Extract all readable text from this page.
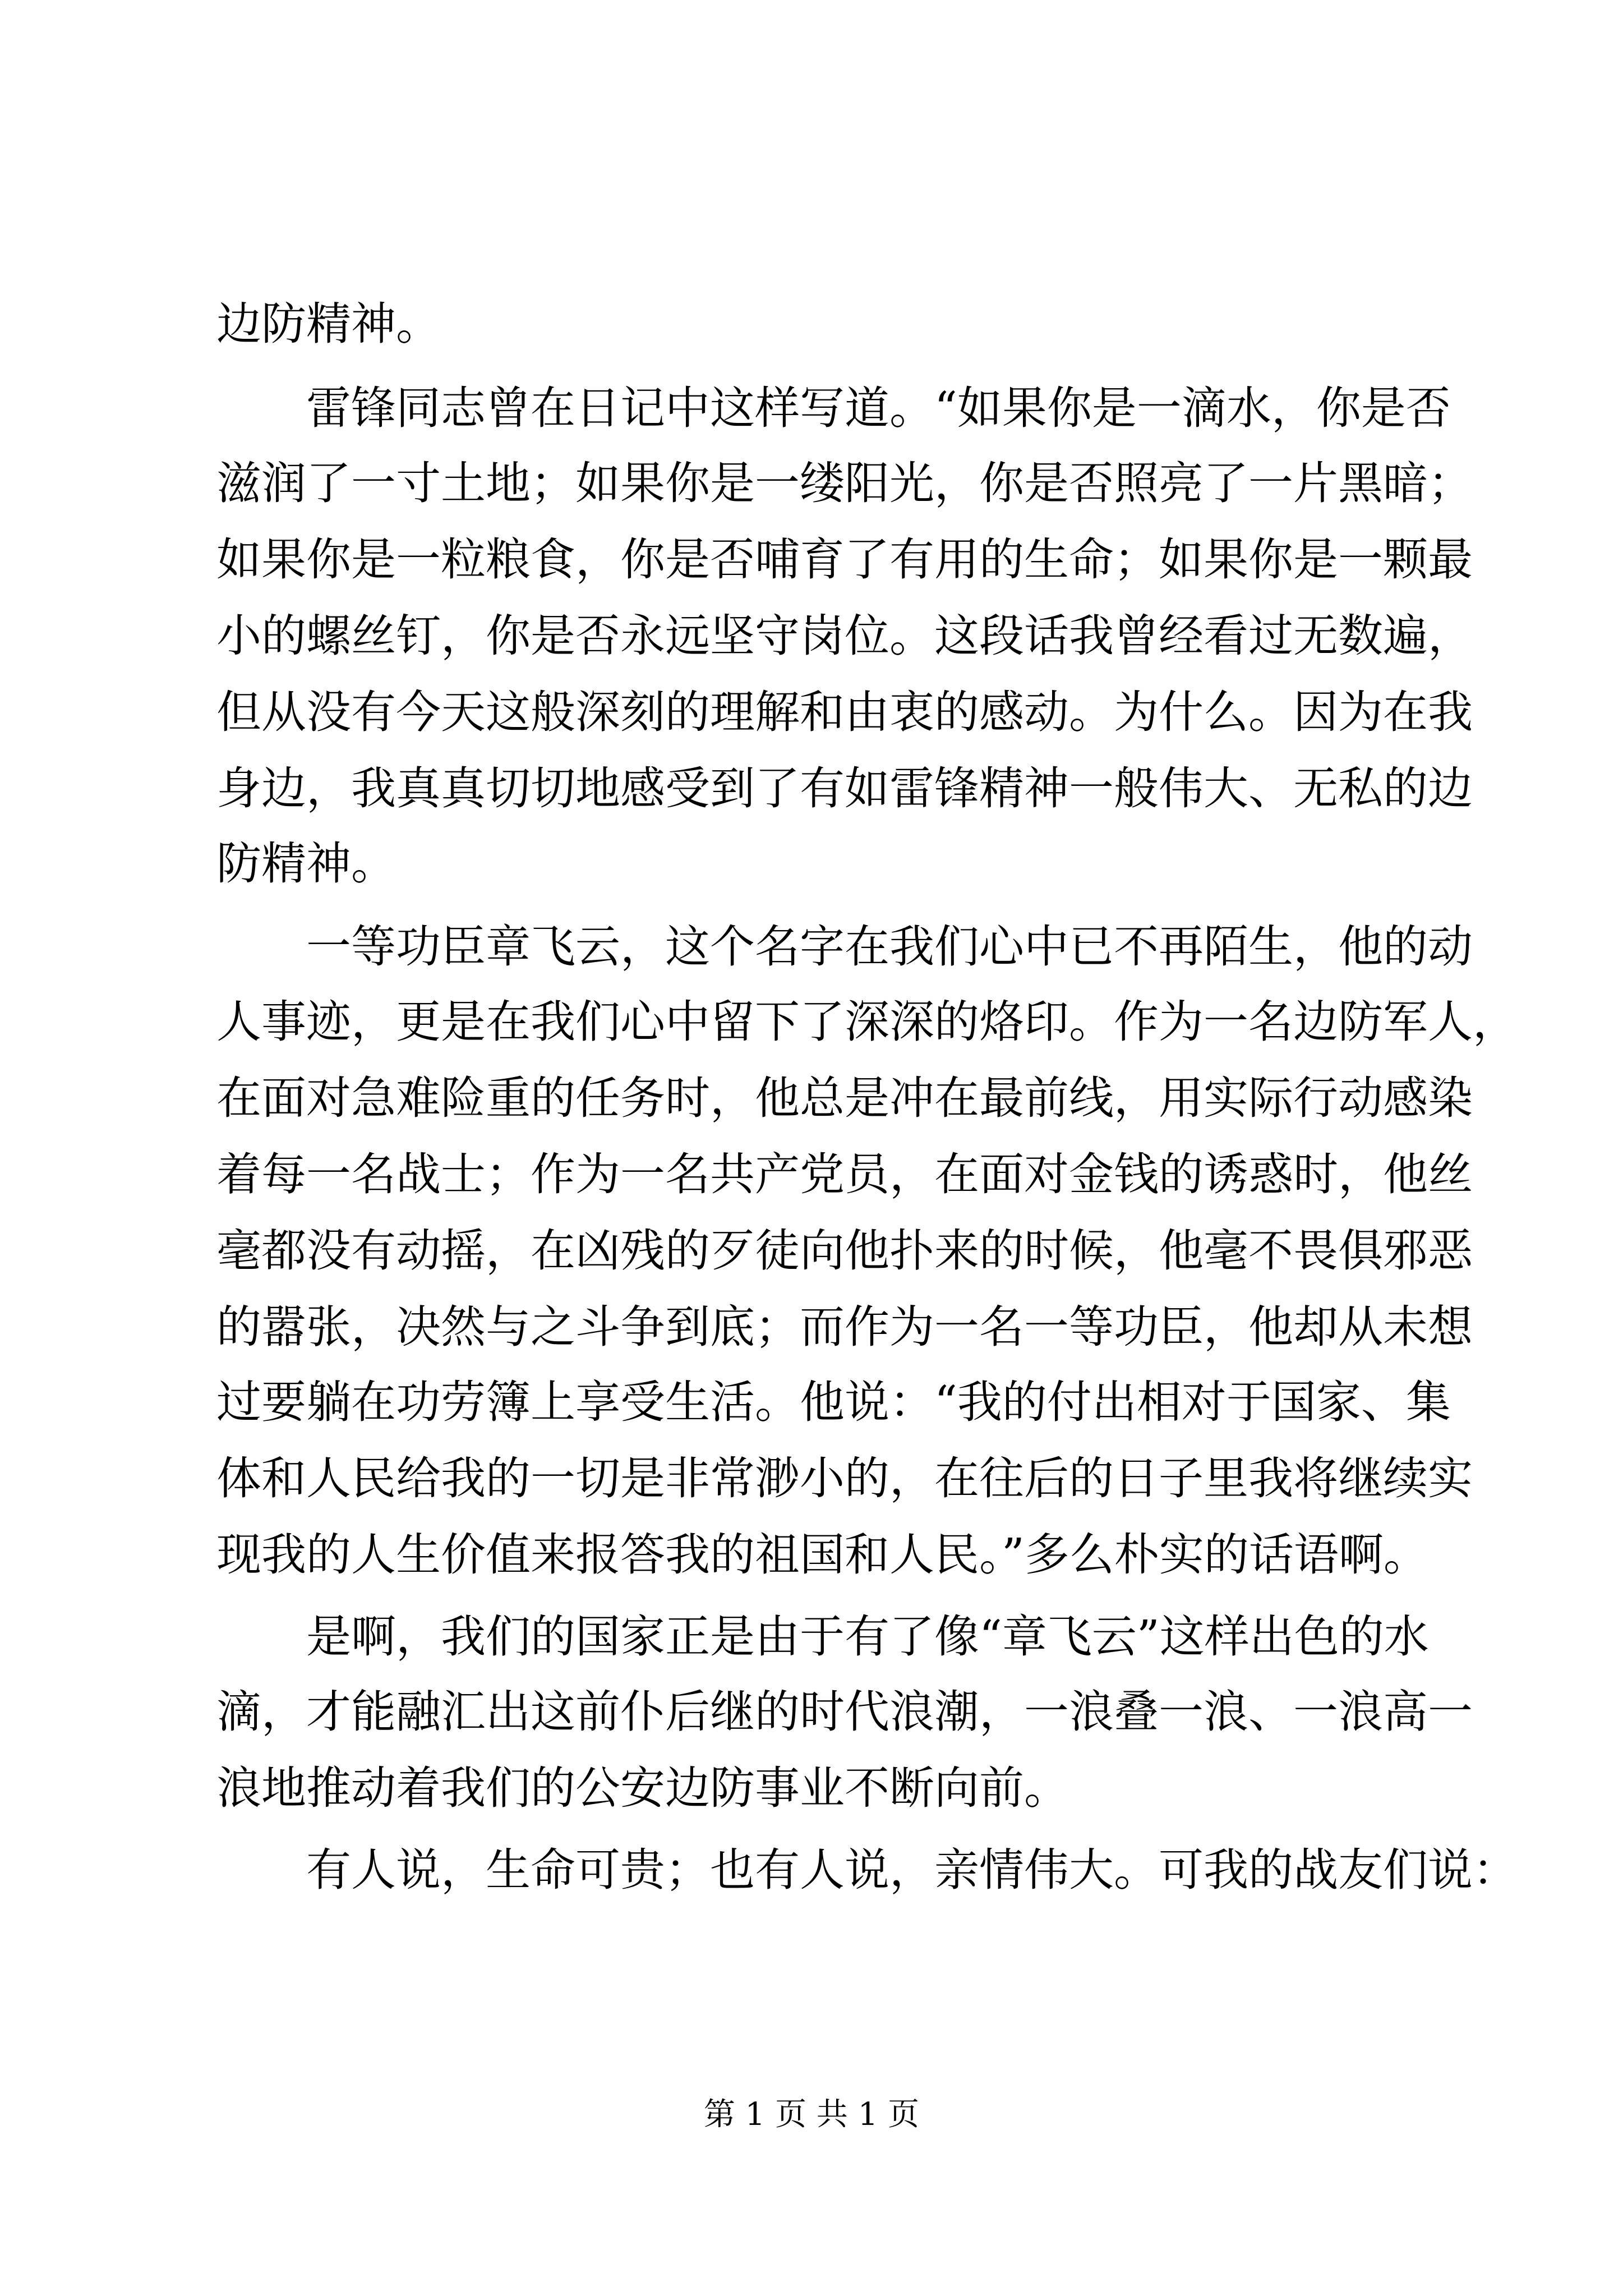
边防精神。
雷锋同志曾在日记中这样写道。“如果你是一滴水，你是否
滋润了一寸土地；如果你是一缕阳光，你是否照亮了一片黑暗；
如果你是一粒粮食，你是否哺育了有用的生命；如果你是一颗最
小的螺丝钉，你是否永远坚守岗位。这段话我曾经看过无数遍，
但从没有今天这般深刻的理解和由衷的感动。为什么。因为在我
身边，我真真切切地感受到了有如雷锋精神一般伟大、无私的边
防精神。
一等功臣章飞云，这个名字在我们心中已不再陌生，他的动
人事迹，更是在我们心中留下了深深的烙印。作为一名边防军人，
在面对急难险重的任务时，他总是冲在最前线，用实际行动感染
着每一名战士；作为一名共产党员，在面对金钱的诱惑时，他丝
毫都没有动摇，在凶残的歹徒向他扑来的时候，他毫不畏俱邪恶
的嚣张，决然与之斗争到底；而作为一名一等功臣，他却从未想
过要躺在功劳簿上享受生活。他说：“我的付出相对于国家、集
体和人民给我的一切是非常渺小的，在往后的日子里我将继续实
现我的人生价值来报答我的祖国和人民。”多么朴实的话语啊。
是啊，我们的国家正是由于有了像“章飞云”这样出色的水
滴，才能融汇出这前仆后继的时代浪潮，一浪叠一浪、一浪高一
浪地推动着我们的公安边防事业不断向前。
有人说，生命可贵；也有人说，亲情伟大。可我的战友们说：
第 1 页 共 1 页
